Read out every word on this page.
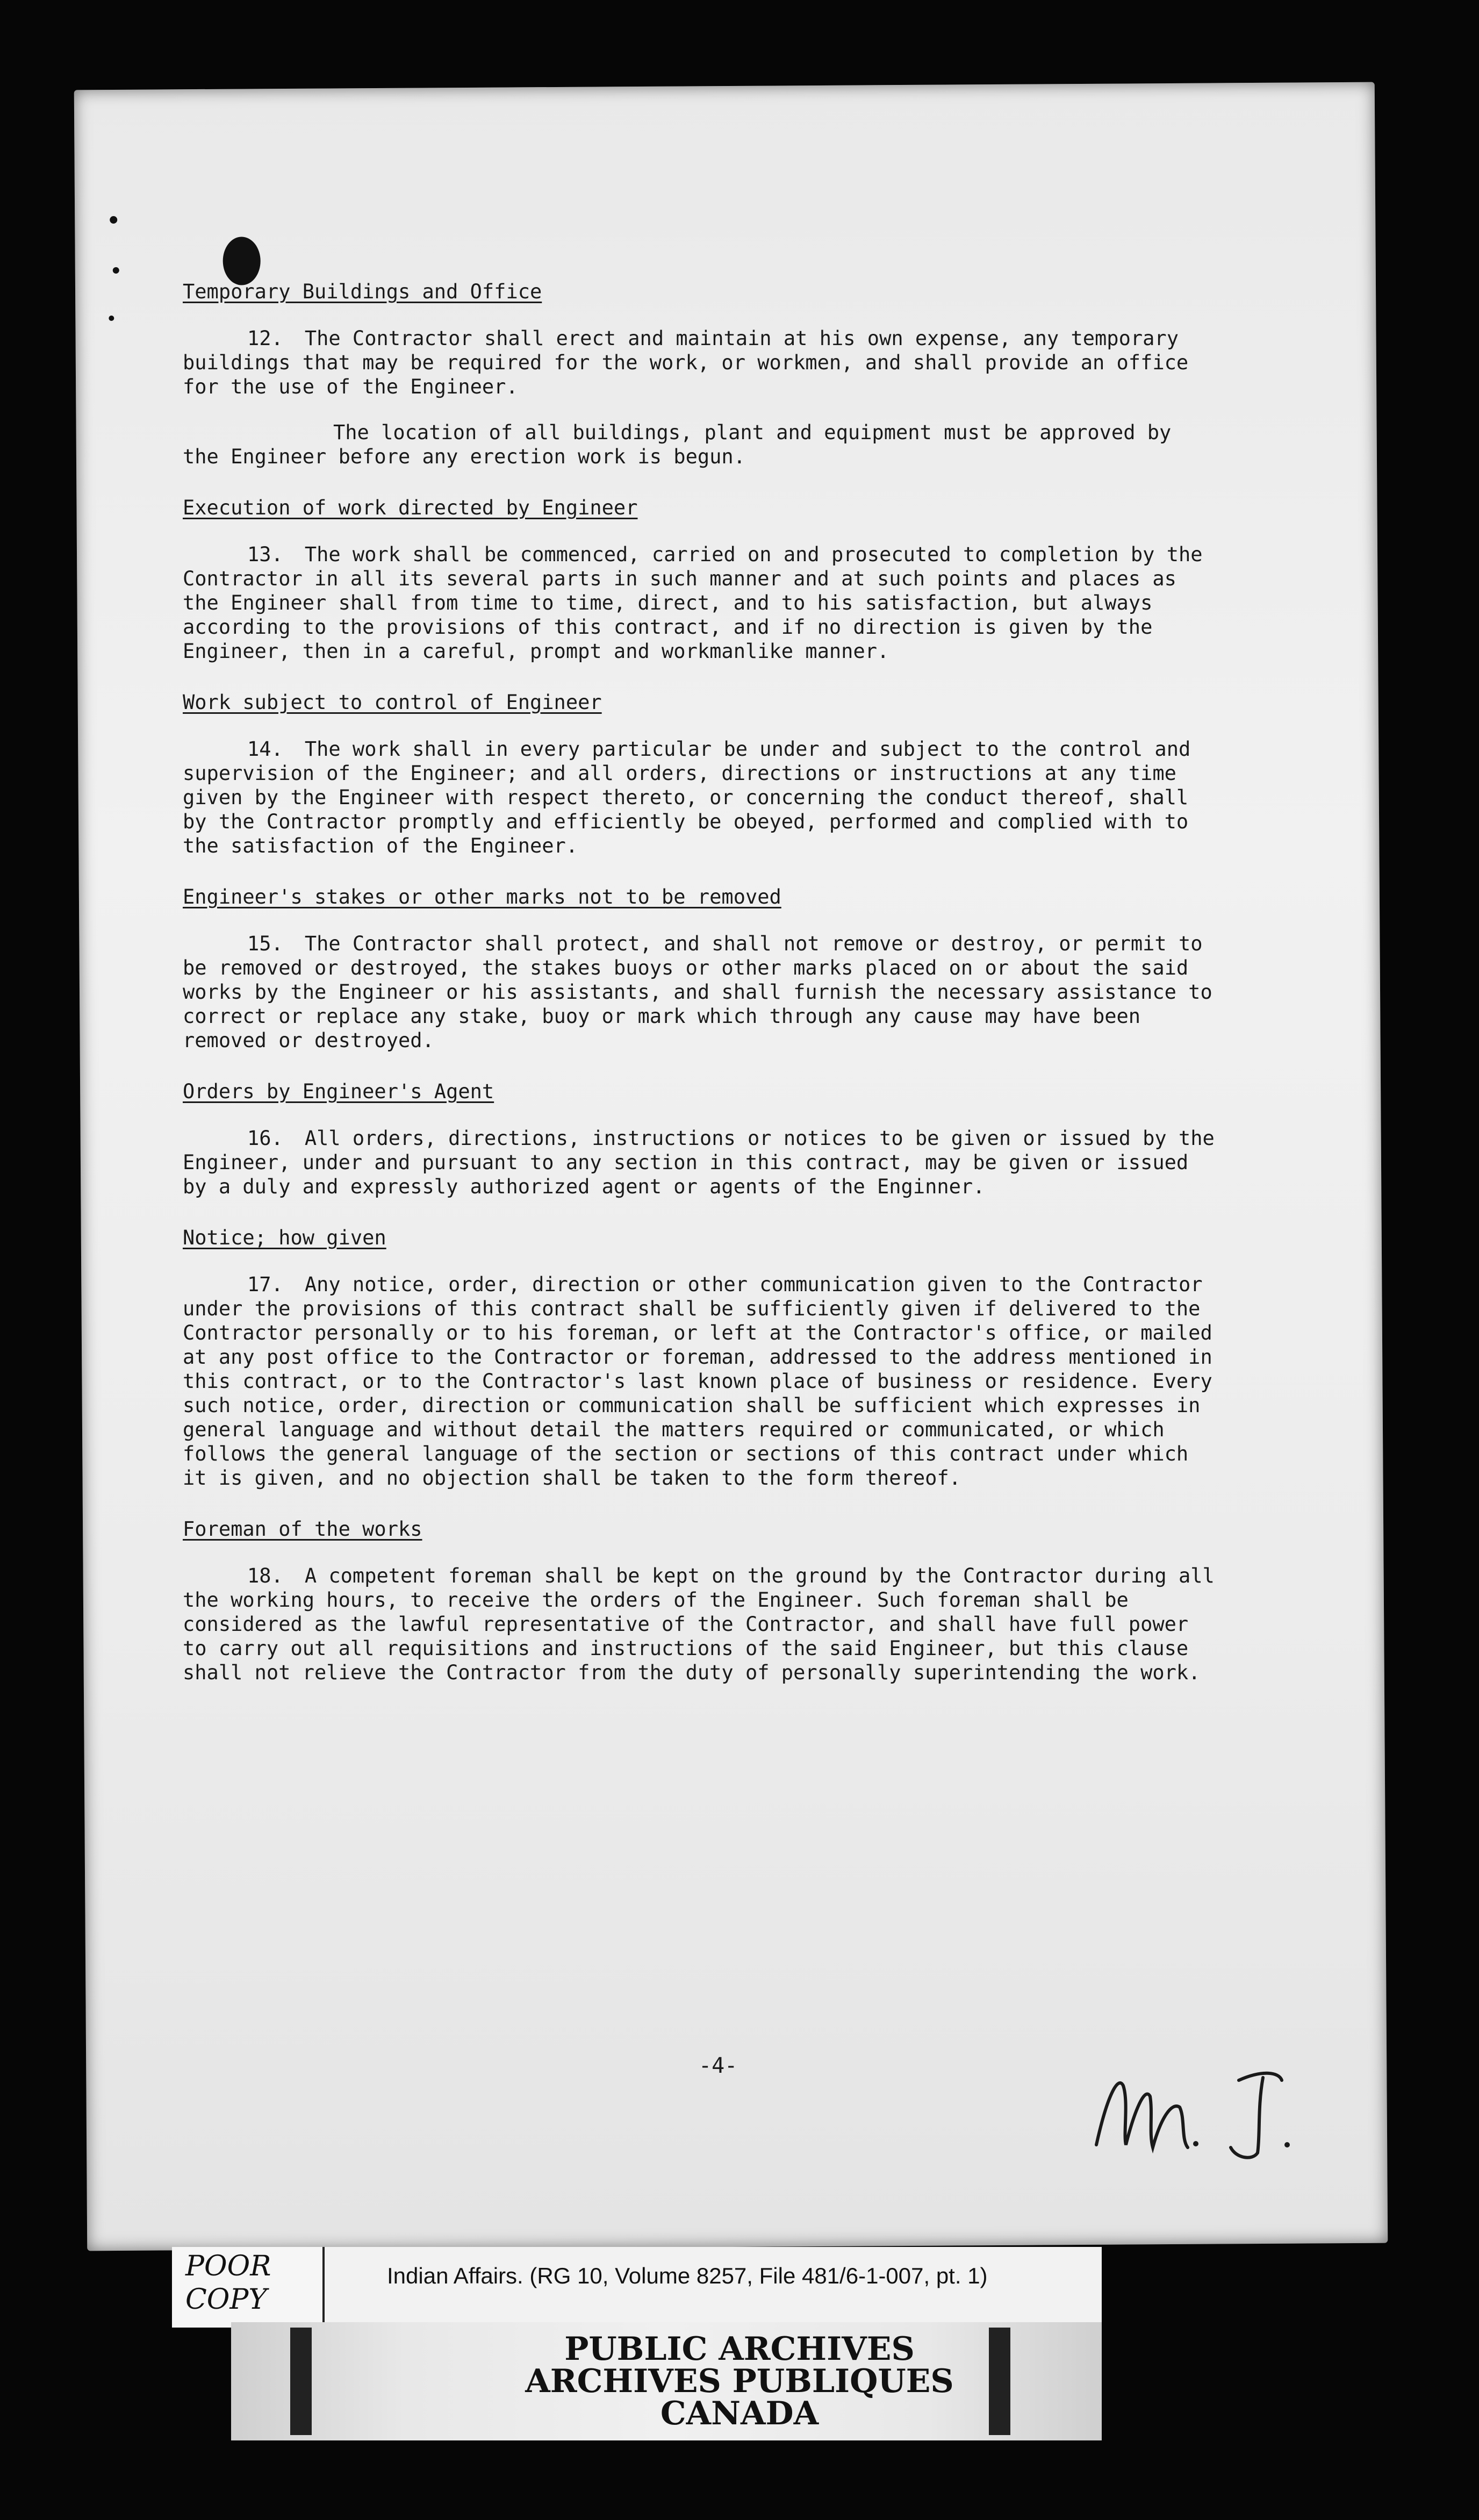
Temporary Buildings and Office

12. The Contractor shall erect and maintain at his own expense, any temporary buildings that may be required for the work, or workmen, and shall provide an office for the use of the Engineer.

The location of all buildings, plant and equipment must be approved by the Engineer before any erection work is begun.

Execution of work directed by Engineer

13. The work shall be commenced, carried on and prosecuted to completion by the Contractor in all its several parts in such manner and at such points and places as the Engineer shall from time to time, direct, and to his satisfaction, but always according to the provisions of this contract, and if no direction is given by the Engineer, then in a careful, prompt and workmanlike manner.

Work subject to control of Engineer

14. The work shall in every particular be under and subject to the control and supervision of the Engineer; and all orders, directions or instructions at any time given by the Engineer with respect thereto, or concerning the conduct thereof, shall by the Contractor promptly and efficiently be obeyed, performed and complied with to the satisfaction of the Engineer.

Engineer's stakes or other marks not to be removed

15. The Contractor shall protect, and shall not remove or destroy, or permit to be removed or destroyed, the stakes buoys or other marks placed on or about the said works by the Engineer or his assistants, and shall furnish the necessary assistance to correct or replace any stake, buoy or mark which through any cause may have been removed or destroyed.

Orders by Engineer's Agent

16. All orders, directions, instructions or notices to be given or issued by the Engineer, under and pursuant to any section in this contract, may be given or issued by a duly and expressly authorized agent or agents of the Enginner.

Notice; how given

17. Any notice, order, direction or other communication given to the Contractor under the provisions of this contract shall be sufficiently given if delivered to the Contractor personally or to his foreman, or left at the Contractor's office, or mailed at any post office to the Contractor or foreman, addressed to the address mentioned in this contract, or to the Contractor's last known place of business or residence. Every such notice, order, direction or communication shall be sufficient which expresses in general language and without detail the matters required or communicated, or which follows the general language of the section or sections of this contract under which it is given, and no objection shall be taken to the form thereof.

Foreman of the works

18. A competent foreman shall be kept on the ground by the Contractor during all the working hours, to receive the orders of the Engineer. Such foreman shall be considered as the lawful representative of the Contractor, and shall have full power to carry out all requisitions and instructions of the said Engineer, but this clause shall not relieve the Contractor from the duty of personally superintending the work.

-4-
POOR COPY
Indian Affairs. (RG 10, Volume 8257, File 481/6-1-007, pt. 1)
PUBLIC ARCHIVES
ARCHIVES PUBLIQUES
CANADA
